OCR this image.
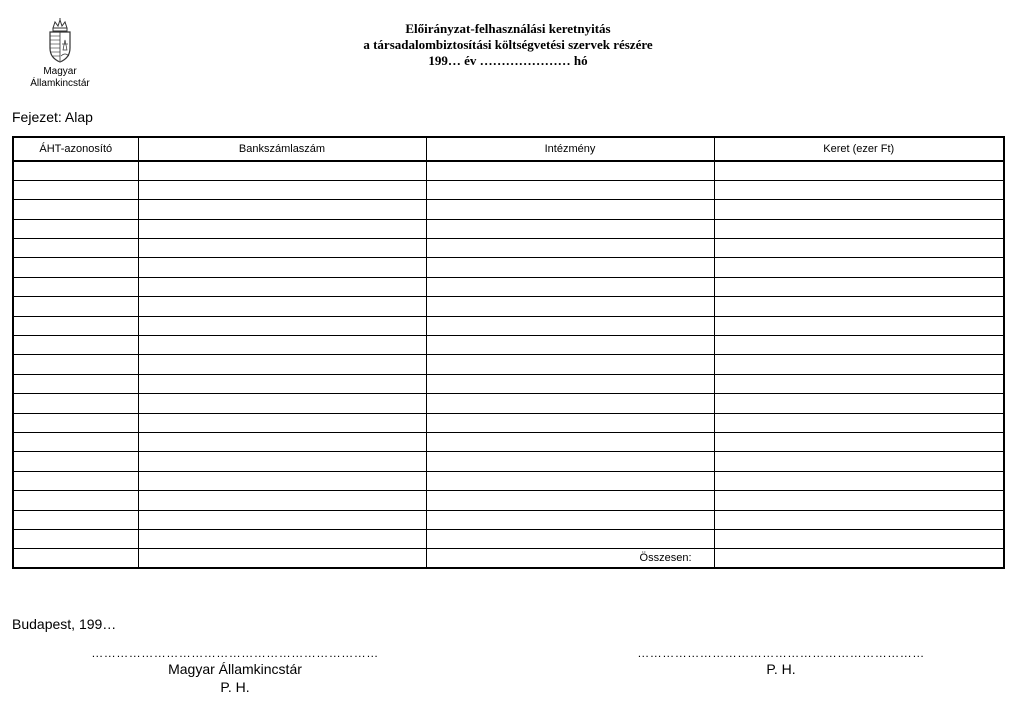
Magyar
Államkincstár
Előirányzat-felhasználási keretnyitás
a társadalombiztosítási költségvetési szervek részére
199… év ………………… hó
Fejezet: Alap
ÁHT-azonosító	Bankszámlaszám	Intézmény	Keret (ezer Ft)

		Összesen:	
Budapest, 199…
……………………………………………………………
Magyar Államkincstár
P. H.
……………………………………………………………
P. H.
